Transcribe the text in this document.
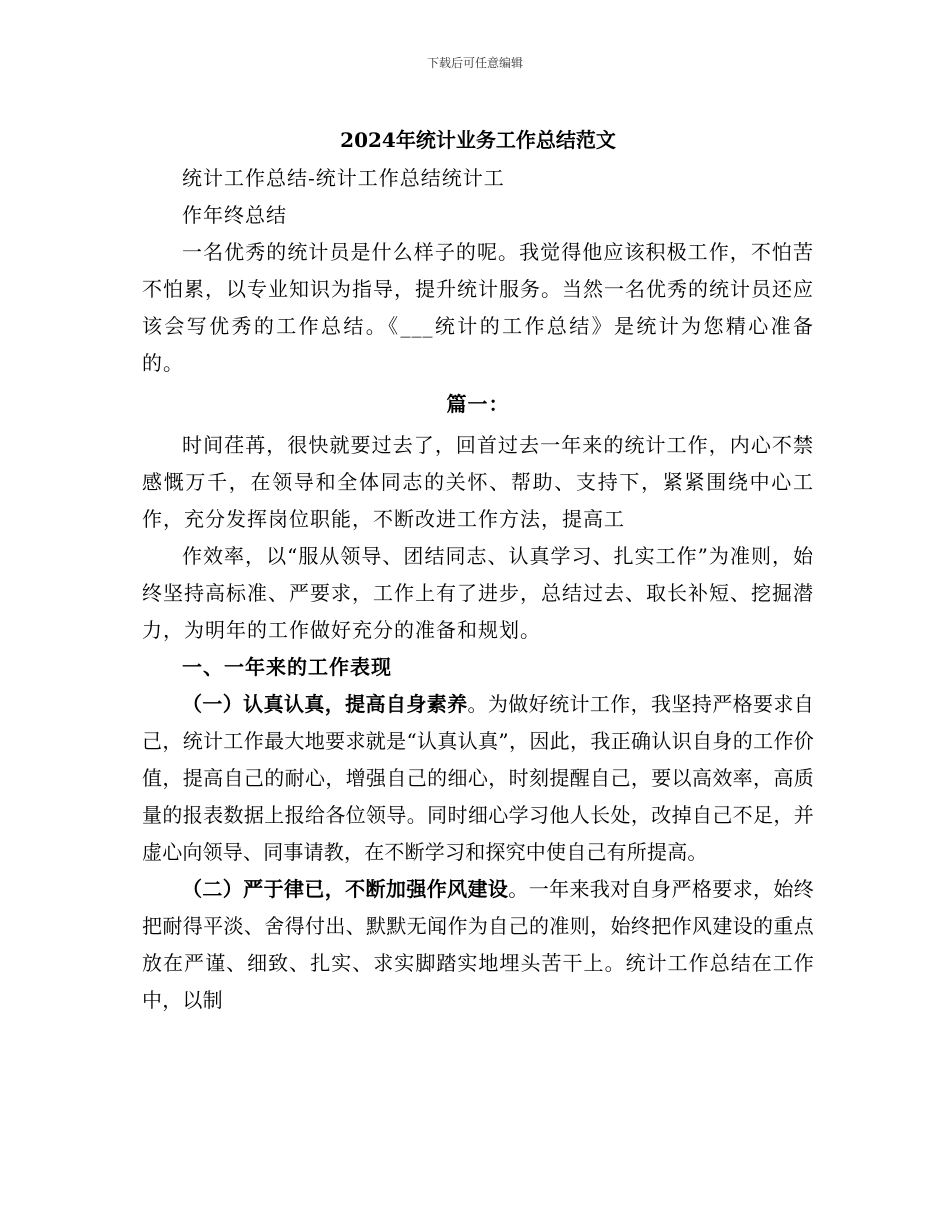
下载后可任意编辑
2024年统计业务工作总结范文

统计工作总结-统计工作总结统计工

作年终总结

一名优秀的统计员是什么样子的呢。我觉得他应该积极工作，不怕苦不怕累，以专业知识为指导，提升统计服务。当然一名优秀的统计员还应该会写优秀的工作总结。《___统计的工作总结》是统计为您精心准备的。

篇一：

时间荏苒，很快就要过去了，回首过去一年来的统计工作，内心不禁感慨万千，在领导和全体同志的关怀、帮助、支持下，紧紧围绕中心工作，充分发挥岗位职能，不断改进工作方法，提高工

作效率，以“服从领导、团结同志、认真学习、扎实工作”为准则，始终坚持高标准、严要求，工作上有了进步，总结过去、取长补短、挖掘潜力，为明年的工作做好充分的准备和规划。

一、一年来的工作表现

（一）认真认真，提高自身素养。为做好统计工作，我坚持严格要求自己，统计工作最大地要求就是“认真认真”，因此，我正确认识自身的工作价值，提高自己的耐心，增强自己的细心，时刻提醒自己，要以高效率，高质量的报表数据上报给各位领导。同时细心学习他人长处，改掉自己不足，并虚心向领导、同事请教，在不断学习和探究中使自己有所提高。

（二）严于律已，不断加强作风建设。一年来我对自身严格要求，始终把耐得平淡、舍得付出、默默无闻作为自己的准则，始终把作风建设的重点放在严谨、细致、扎实、求实脚踏实地埋头苦干上。统计工作总结在工作中，以制
